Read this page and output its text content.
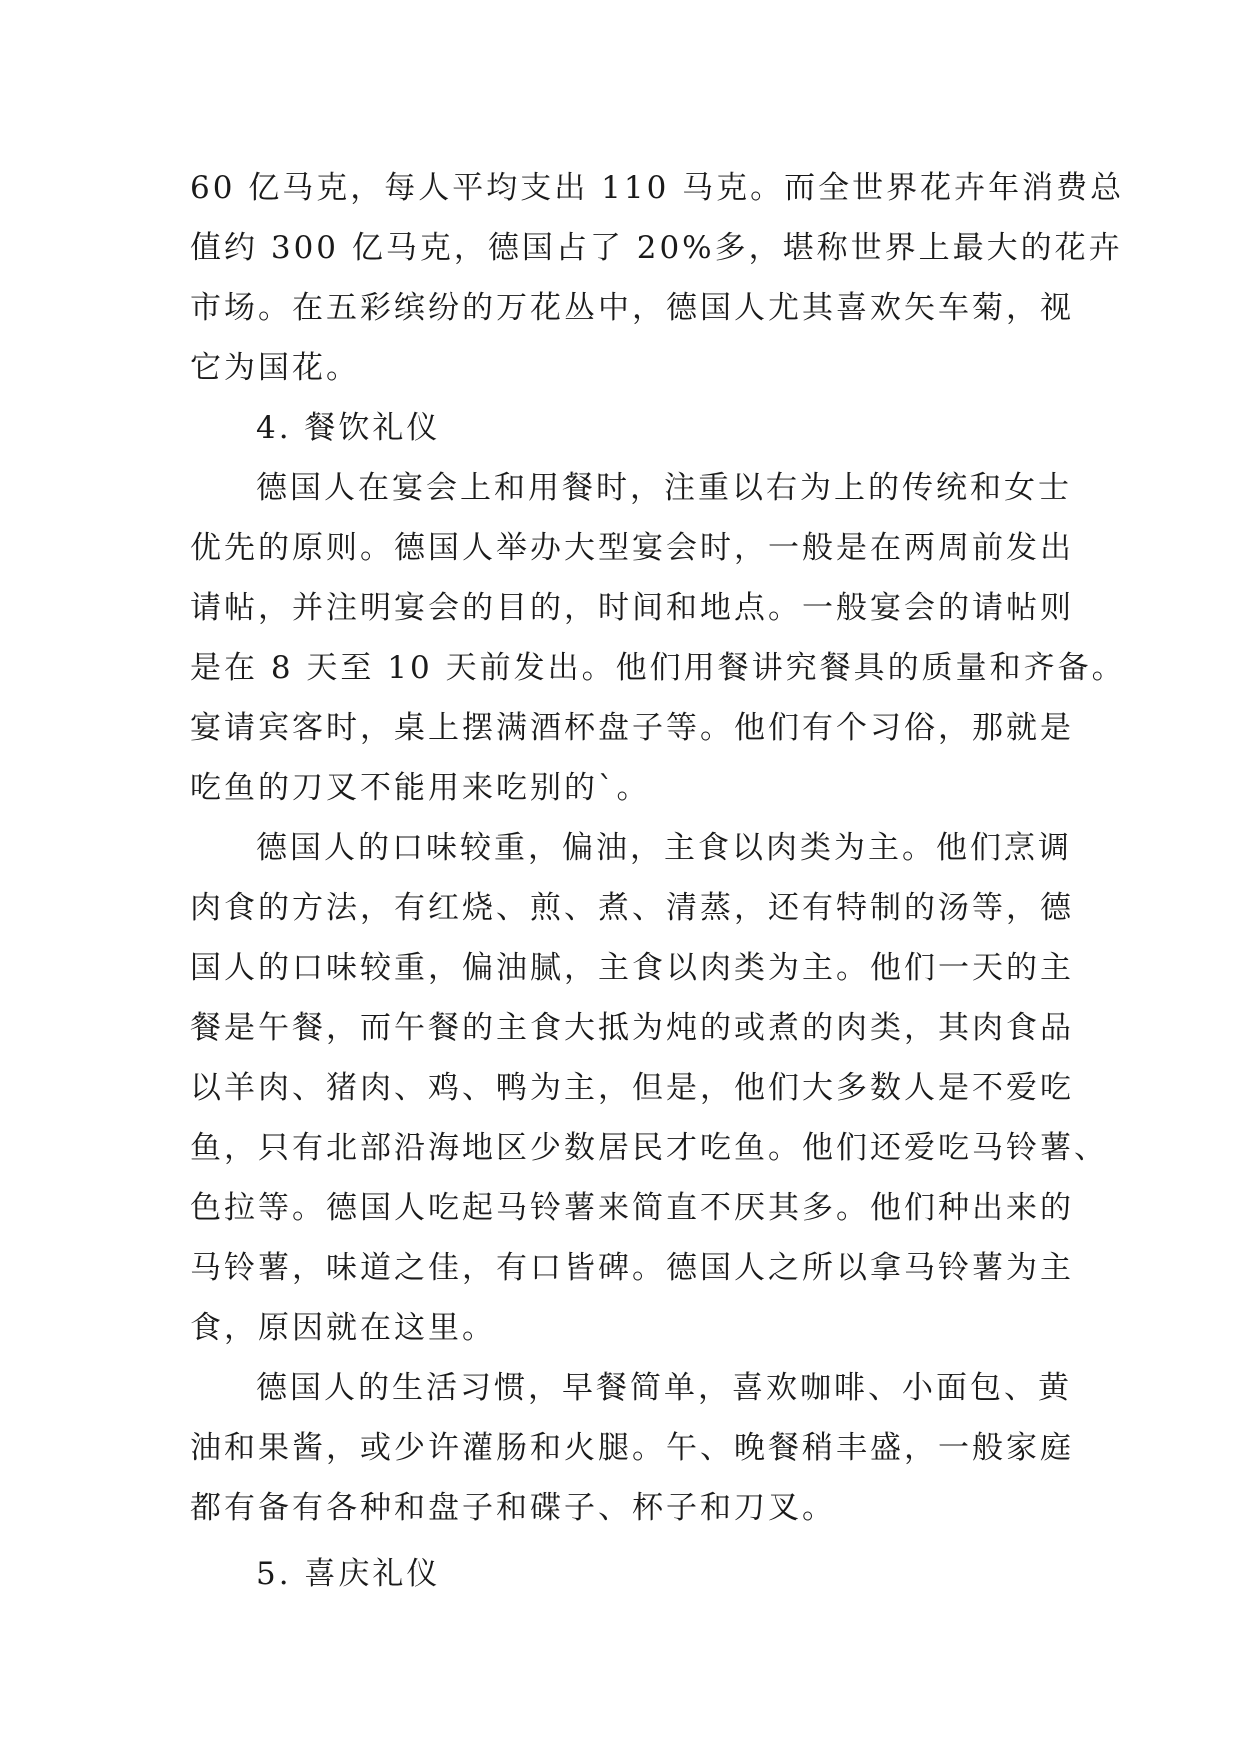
60 亿马克，每人平均支出 110 马克。而全世界花卉年消费总
值约 300 亿马克，德国占了 20%多，堪称世界上最大的花卉
市场。在五彩缤纷的万花丛中，德国人尤其喜欢矢车菊，视
它为国花。
4. 餐饮礼仪
德国人在宴会上和用餐时，注重以右为上的传统和女士
优先的原则。德国人举办大型宴会时，一般是在两周前发出
请帖，并注明宴会的目的，时间和地点。一般宴会的请帖则
是在 8 天至 10 天前发出。他们用餐讲究餐具的质量和齐备。
宴请宾客时，桌上摆满酒杯盘子等。他们有个习俗，那就是
吃鱼的刀叉不能用来吃别的`。
德国人的口味较重，偏油，主食以肉类为主。他们烹调
肉食的方法，有红烧、煎、煮、清蒸，还有特制的汤等，德
国人的口味较重，偏油腻，主食以肉类为主。他们一天的主
餐是午餐，而午餐的主食大抵为炖的或煮的肉类，其肉食品
以羊肉、猪肉、鸡、鸭为主，但是，他们大多数人是不爱吃
鱼，只有北部沿海地区少数居民才吃鱼。他们还爱吃马铃薯、
色拉等。德国人吃起马铃薯来简直不厌其多。他们种出来的
马铃薯，味道之佳，有口皆碑。德国人之所以拿马铃薯为主
食，原因就在这里。
德国人的生活习惯，早餐简单，喜欢咖啡、小面包、黄
油和果酱，或少许灌肠和火腿。午、晚餐稍丰盛，一般家庭
都有备有各种和盘子和碟子、杯子和刀叉。
5. 喜庆礼仪
